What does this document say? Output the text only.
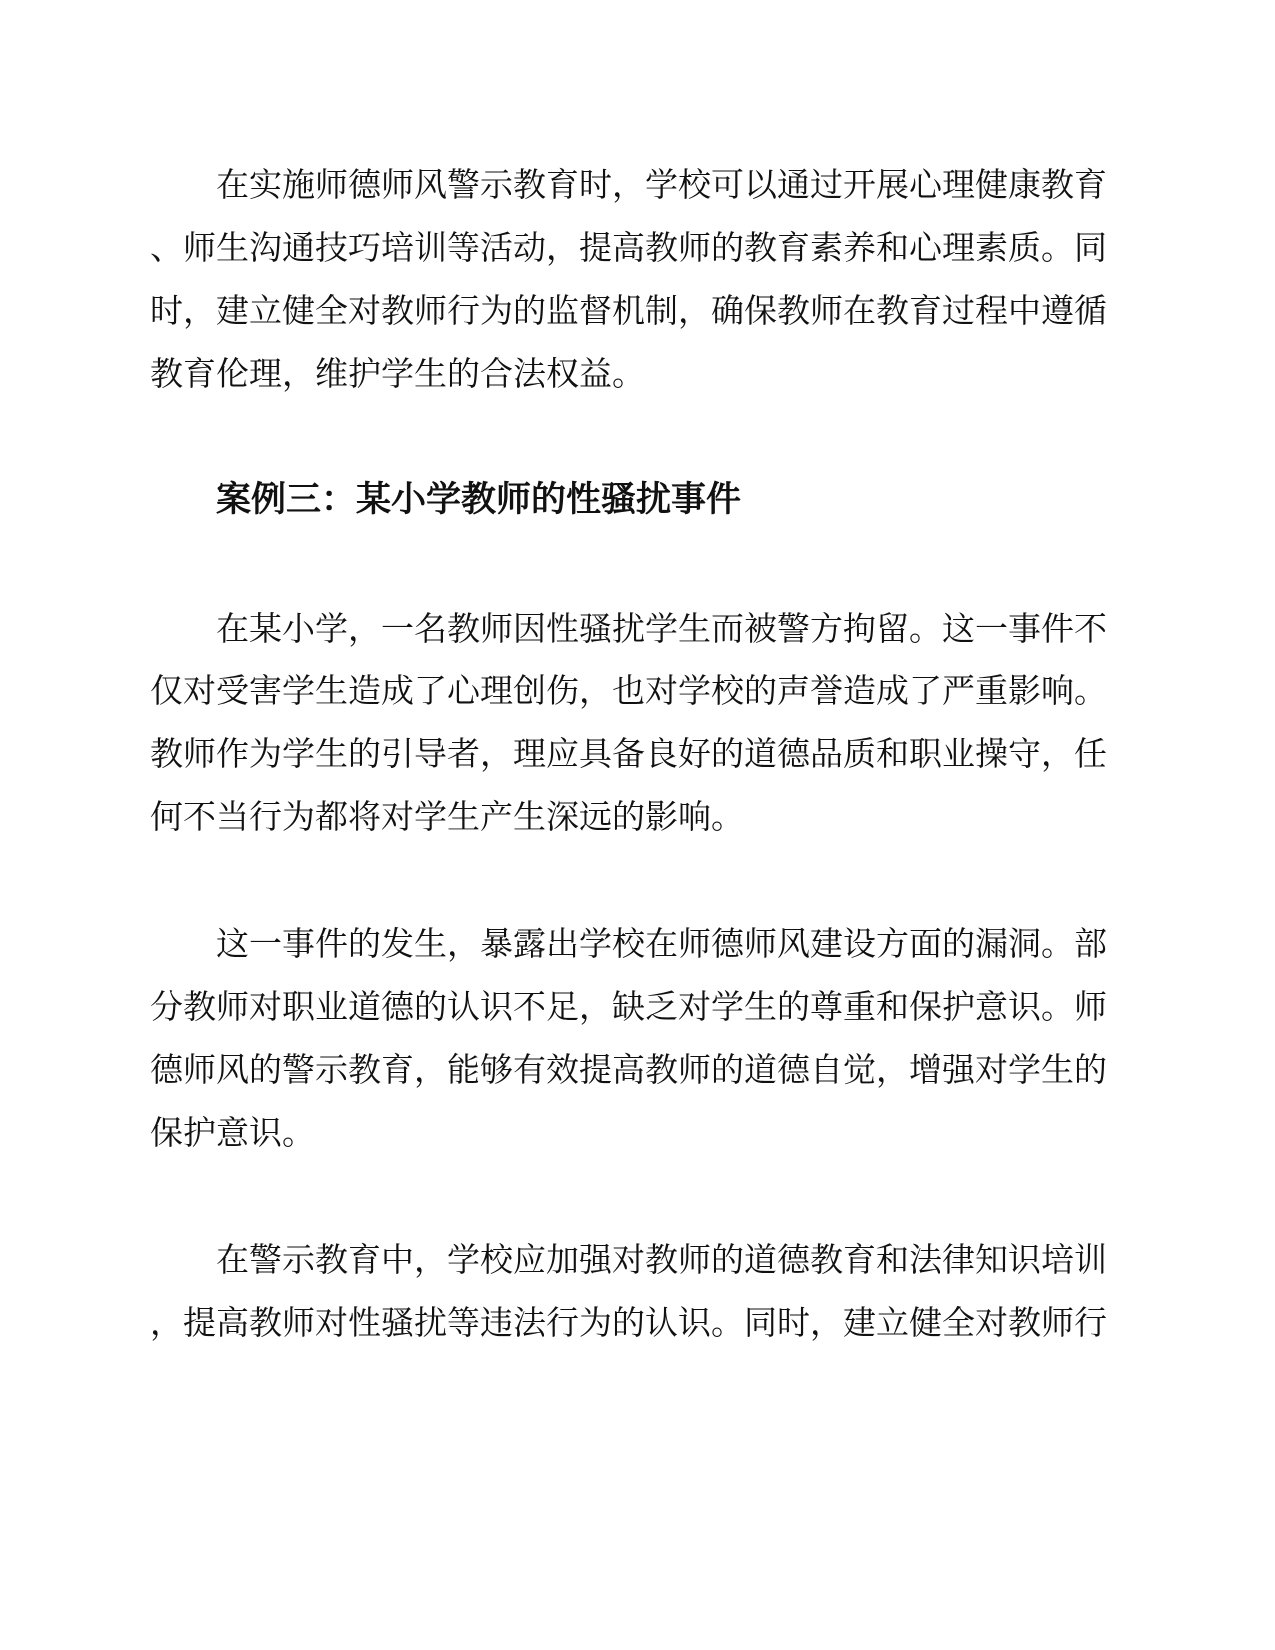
在实施师德师风警示教育时，学校可以通过开展心理健康教育
、师生沟通技巧培训等活动，提高教师的教育素养和心理素质。同
时，建立健全对教师行为的监督机制，确保教师在教育过程中遵循
教育伦理，维护学生的合法权益。
案例三：某小学教师的性骚扰事件
在某小学，一名教师因性骚扰学生而被警方拘留。这一事件不
仅对受害学生造成了心理创伤，也对学校的声誉造成了严重影响。
教师作为学生的引导者，理应具备良好的道德品质和职业操守，任
何不当行为都将对学生产生深远的影响。
这一事件的发生，暴露出学校在师德师风建设方面的漏洞。部
分教师对职业道德的认识不足，缺乏对学生的尊重和保护意识。师
德师风的警示教育，能够有效提高教师的道德自觉，增强对学生的
保护意识。
在警示教育中，学校应加强对教师的道德教育和法律知识培训
，提高教师对性骚扰等违法行为的认识。同时，建立健全对教师行
